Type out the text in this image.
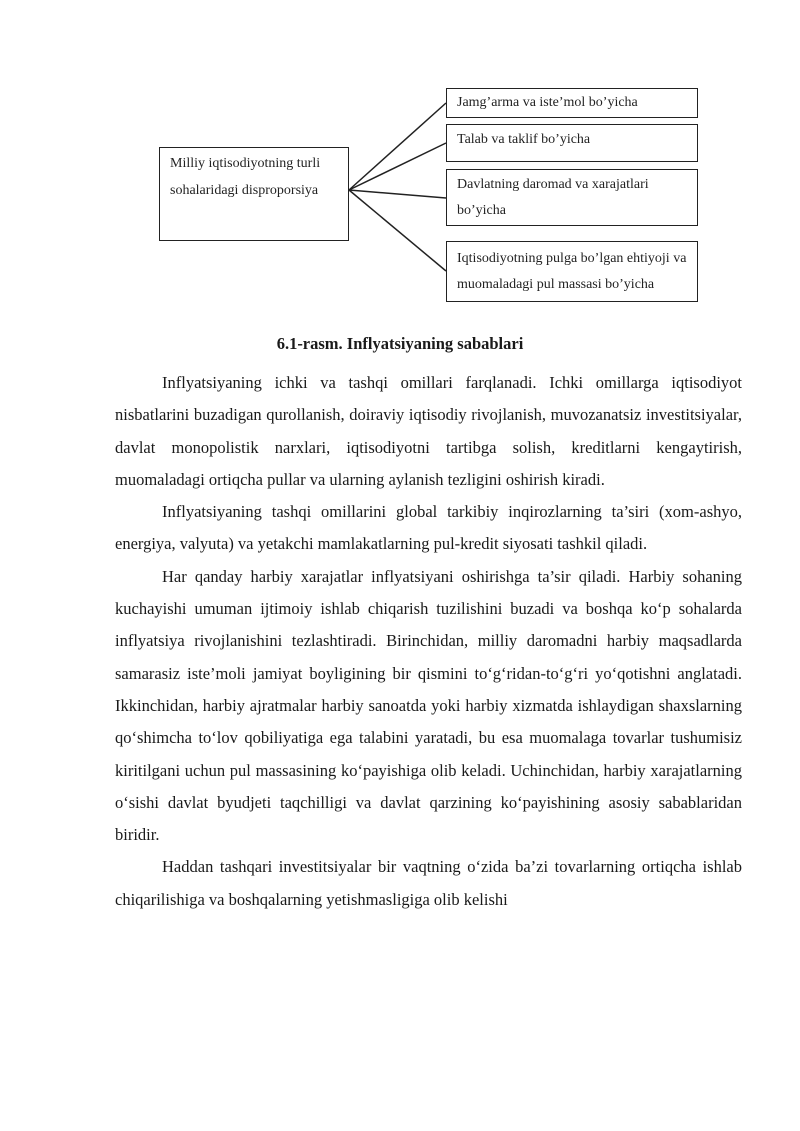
Milliy iqtisodiyotning turli sohalaridagi disproporsiya
Jamg’arma va iste’mol bo’yicha
Talab va taklif bo’yicha
Davlatning daromad va xarajatlari bo’yicha
Iqtisodiyotning pulga bo’lgan ehtiyoji va muomaladagi pul massasi bo’yicha
6.1-rasm. Inflyatsiyaning sabablari

Inflyatsiyaning ichki va tashqi omillari farqlanadi. Ichki omillarga iqtisodiyot nisbatlarini buzadigan qurollanish, doiraviy iqtisodiy rivojlanish, muvozanatsiz investitsiyalar, davlat monopolistik narxlari, iqtisodiyotni tartibga solish, kreditlarni kengaytirish, muomaladagi ortiqcha pullar va ularning aylanish tezligini oshirish kiradi.

Inflyatsiyaning tashqi omillarini global tarkibiy inqirozlarning ta’siri (xom-ashyo, energiya, valyuta) va yetakchi mamlakatlarning pul-kredit siyosati tashkil qiladi.

Har qanday harbiy xarajatlar inflyatsiyani oshirishga ta’sir qiladi. Harbiy sohaning kuchayishi umuman ijtimoiy ishlab chiqarish tuzilishini buzadi va boshqa ko‘p sohalarda inflyatsiya rivojlanishini tezlashtiradi. Birinchidan, milliy daromadni harbiy maqsadlarda samarasiz iste’moli jamiyat boyligining bir qismini to‘g‘ridan-to‘g‘ri yo‘qotishni anglatadi. Ikkinchidan, harbiy ajratmalar harbiy sanoatda yoki harbiy xizmatda ishlaydigan shaxslarning qo‘shimcha to‘lov qobiliyatiga ega talabini yaratadi, bu esa muomalaga tovarlar tushumisiz kiritilgani uchun pul massasining ko‘payishiga olib keladi. Uchinchidan, harbiy xarajatlarning o‘sishi davlat byudjeti taqchilligi va davlat qarzining ko‘payishining asosiy sabablaridan biridir.

Haddan tashqari investitsiyalar bir vaqtning o‘zida ba’zi tovarlarning ortiqcha ishlab chiqarilishiga va boshqalarning yetishmasligiga olib kelishi
